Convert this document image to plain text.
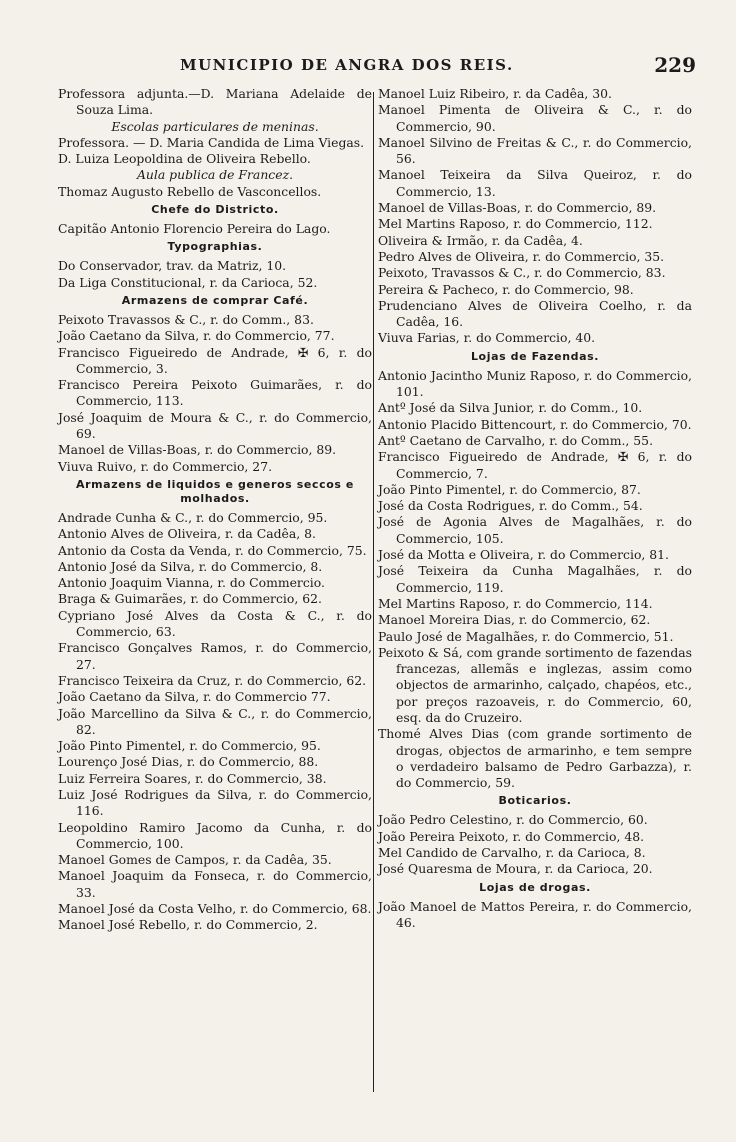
MUNICIPIO DE ANGRA DOS REIS.	229
Professora adjunta.—D. Mariana Adelaide de Souza Lima.
Escolas particulares de meninas.
Professora. — D. Maria Candida de Lima Viegas.
D. Luiza Leopoldina de Oliveira Rebello.
Aula publica de Francez.
Thomaz Augusto Rebello de Vasconcellos.
Chefe do Districto.
Capitão Antonio Florencio Pereira do Lago.
Typographias.
Do Conservador, trav. da Matriz, 10.
Da Liga Constitucional, r. da Carioca, 52.
Armazens de comprar Café.
Peixoto Travassos & C., r. do Comm., 83.
João Caetano da Silva, r. do Commercio, 77.
Francisco Figueiredo de Andrade, ✠ 6, r. do Commercio, 3.
Francisco Pereira Peixoto Guimarães, r. do Commercio, 113.
José Joaquim de Moura & C., r. do Commercio, 69.
Manoel de Villas-Boas, r. do Commercio, 89.
Viuva Ruivo, r. do Commercio, 27.
Armazens de liquidos e generos seccos e molhados.
Andrade Cunha & C., r. do Commercio, 95.
Antonio Alves de Oliveira, r. da Cadêa, 8.
Antonio da Costa da Venda, r. do Commercio, 75.
Antonio José da Silva, r. do Commercio, 8.
Antonio Joaquim Vianna, r. do Commercio.
Braga & Guimarães, r. do Commercio, 62.
Cypriano José Alves da Costa & C., r. do Commercio, 63.
Francisco Gonçalves Ramos, r. do Commercio, 27.
Francisco Teixeira da Cruz, r. do Commercio, 62.
João Caetano da Silva, r. do Commercio 77.
João Marcellino da Silva & C., r. do Commercio, 82.
João Pinto Pimentel, r. do Commercio, 95.
Lourenço José Dias, r. do Commercio, 88.
Luiz Ferreira Soares, r. do Commercio, 38.
Luiz José Rodrigues da Silva, r. do Commercio, 116.
Leopoldino Ramiro Jacomo da Cunha, r. do Commercio, 100.
Manoel Gomes de Campos, r. da Cadêa, 35.
Manoel Joaquim da Fonseca, r. do Commercio, 33.
Manoel José da Costa Velho, r. do Commercio, 68.
Manoel José Rebello, r. do Commercio, 2.
Manoel Luiz Ribeiro, r. da Cadêa, 30.
Manoel Pimenta de Oliveira & C., r. do Commercio, 90.
Manoel Silvino de Freitas & C., r. do Commercio, 56.
Manoel Teixeira da Silva Queiroz, r. do Commercio, 13.
Manoel de Villas-Boas, r. do Commercio, 89.
Mel Martins Raposo, r. do Commercio, 112.
Oliveira & Irmão, r. da Cadêa, 4.
Pedro Alves de Oliveira, r. do Commercio, 35.
Peixoto, Travassos & C., r. do Commercio, 83.
Pereira & Pacheco, r. do Commercio, 98.
Prudenciano Alves de Oliveira Coelho, r. da Cadêa, 16.
Viuva Farias, r. do Commercio, 40.
Lojas de Fazendas.
Antonio Jacintho Muniz Raposo, r. do Commercio, 101.
Antº José da Silva Junior, r. do Comm., 10.
Antonio Placido Bittencourt, r. do Commercio, 70.
Antº Caetano de Carvalho, r. do Comm., 55.
Francisco Figueiredo de Andrade, ✠ 6, r. do Commercio, 7.
João Pinto Pimentel, r. do Commercio, 87.
José da Costa Rodrigues, r. do Comm., 54.
José de Agonia Alves de Magalhães, r. do Commercio, 105.
José da Motta e Oliveira, r. do Commercio, 81.
José Teixeira da Cunha Magalhães, r. do Commercio, 119.
Mel Martins Raposo, r. do Commercio, 114.
Manoel Moreira Dias, r. do Commercio, 62.
Paulo José de Magalhães, r. do Commercio, 51.
Peixoto & Sá, com grande sortimento de fazendas francezas, allemãs e inglezas, assim como objectos de armarinho, calçado, chapéos, etc., por preços razoaveis, r. do Commercio, 60, esq. da do Cruzeiro.
Thomé Alves Dias (com grande sortimento de drogas, objectos de armarinho, e tem sempre o verdadeiro balsamo de Pedro Garbazza), r. do Commercio, 59.
Boticarios.
João Pedro Celestino, r. do Commercio, 60.
João Pereira Peixoto, r. do Commercio, 48.
Mel Candido de Carvalho, r. da Carioca, 8.
José Quaresma de Moura, r. da Carioca, 20.
Lojas de drogas.
João Manoel de Mattos Pereira, r. do Commercio, 46.
